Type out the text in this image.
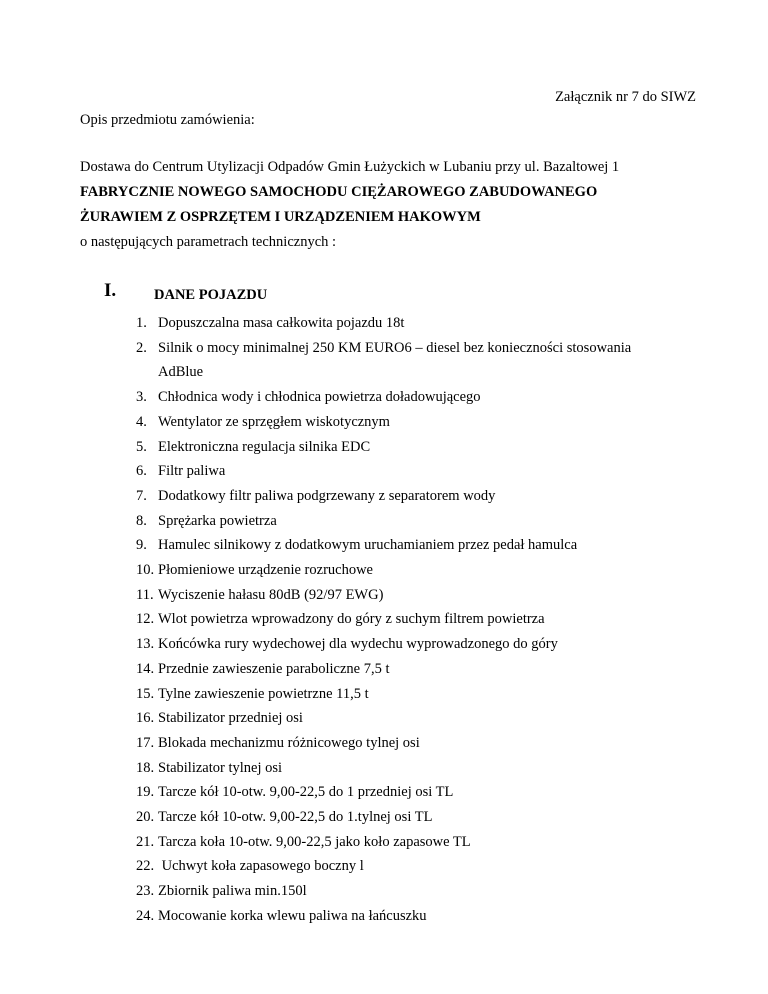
Załącznik nr 7 do SIWZ
Opis przedmiotu zamówienia:
Dostawa do Centrum Utylizacji Odpadów Gmin Łużyckich w Lubaniu przy ul. Bazaltowej 1
FABRYCZNIE NOWEGO SAMOCHODU CIĘŻAROWEGO ZABUDOWANEGO
ŻURAWIEM Z OSPRZĘTEM I URZĄDZENIEM HAKOWYM
o następujących parametrach technicznych :
I.	DANE POJAZDU
1. Dopuszczalna masa całkowita pojazdu 18t
2. Silnik o mocy minimalnej 250 KM EURO6 – diesel bez konieczności stosowania
AdBlue
3. Chłodnica wody i chłodnica powietrza doładowującego
4. Wentylator ze sprzęgłem wiskotycznym
5. Elektroniczna regulacja silnika EDC
6. Filtr paliwa
7. Dodatkowy filtr paliwa podgrzewany z separatorem wody
8. Sprężarka powietrza
9. Hamulec silnikowy z dodatkowym uruchamianiem przez pedał hamulca
10. Płomieniowe urządzenie rozruchowe
11. Wyciszenie hałasu 80dB (92/97 EWG)
12. Wlot powietrza wprowadzony do góry z suchym filtrem powietrza
13. Końcówka rury wydechowej dla wydechu wyprowadzonego do góry
14. Przednie zawieszenie paraboliczne 7,5 t
15. Tylne zawieszenie powietrzne 11,5 t
16. Stabilizator przedniej osi
17. Blokada mechanizmu różnicowego tylnej osi
18. Stabilizator tylnej osi
19. Tarcze kół 10-otw. 9,00-22,5 do 1 przedniej osi TL
20. Tarcze kół 10-otw. 9,00-22,5 do 1.tylnej osi TL
21. Tarcza koła 10-otw. 9,00-22,5 jako koło zapasowe TL
22. Uchwyt koła zapasowego boczny l
23. Zbiornik paliwa min.150l
24. Mocowanie korka wlewu paliwa na łańcuszku
